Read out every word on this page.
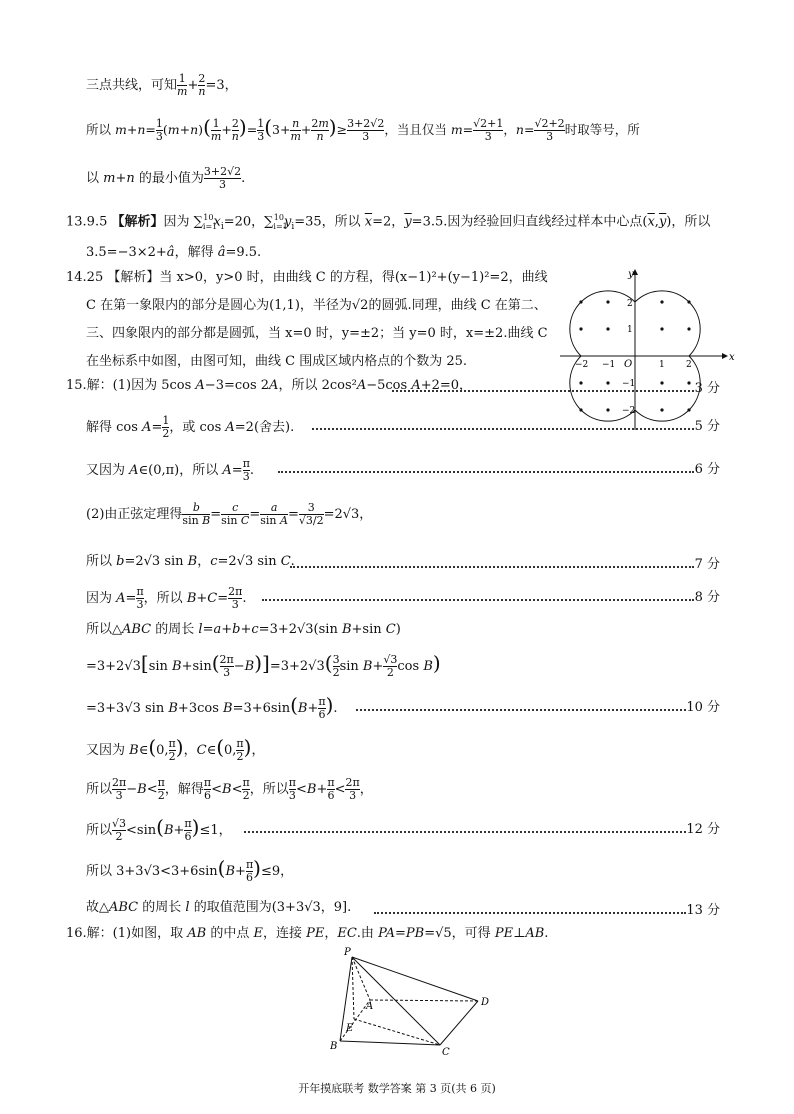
三点共线，可知 $\frac{1}{m}+ \frac{2}{n}=3$，
所以 m+n= 1
$3(m+n)( \frac{1}{m}+ \frac{2}{n})= 1$
$3(3+ \frac{n}{m}+ \frac{2m}{n})\ge 3+2√2$
3 ，当且仅当 m= √2+1
3 ，n= √2+2
3 时取等号，所
以 m+n 的最小值为 3+2√2
3 .
13.9.5 【解析】因为 $\sum_{i=1}^{10}x_i=20$，$\sum_{i=1}^{10}y_i=35$，所以 $\overline{x}=2$，$\overline{y}=3.5$.因为经验回归直线经过样本中心点$(\overline{x},\overline{y})$，所以
3.5=−3×2+â，解得 â=9.5.
14.25 【解析】当 x>0，y>0 时，由曲线 C 的方程，得(x−1)²+(y−1)²=2，曲线
C 在第一象限内的部分是圆心为(1,1)，半径为√2的圆弧.同理，曲线 C 在第二、
三、四象限内的部分都是圆弧，当 x=0 时，y=±2；当 y=0 时，x=±2.曲线 C
在坐标系中如图，由图可知，曲线 C 围成区域内格点的个数为 25.	x
y
O
−2 −1	1 2
2
1
−1
−2
15.解：(1)因为 5cos A−3=cos 2A，所以 2cos²A−5cos A+2=0，	3 分
解得 cos A= 1
2，或 cos A=2(舍去).	5 分
又因为 A∈(0,π)，所以 A= π
3.	6 分
(2)由正弦定理得 b
sin B=	c
sin C= a
sin A= 3
√3/2=2√3，
所以 b=2√3 sin B，c=2√3 sin C.	7 分
因为 A= π
3，所以 B+C= 2π
3 .	8 分
所以△ABC 的周长 l=a+b+c=3+2√3(sin B+sin C)
=3+2√3[sin B+sin( 2π
3 −B)]=3+2√3( 3
2sin B+ √3
2 cos B)
=3+3√3 sin B+3cos B=3+6sin(B+ π
6).	10 分
又因为 B∈(0, π
2)，C∈(0, π
2)，
所以 2π
3 −B< π
2，解得 π
6<B< π
2，所以 π
3<B+ π
6< 2π
3 ，
所以 √3
2 <sin(B+ π
6)≤1，	12 分
所以 3+3√3<3+6sin(B+ π
6)≤9，
故△ABC 的周长 l 的取值范围为(3+3√3，9].	13 分
16.解：(1)如图，取 AB 的中点 E，连接 PE，EC.由 PA=PB=√5，可得 PE⊥AB.
P
A
B
C
D
E
开年摸底联考 数学答案 第 3 页(共 6 页)
